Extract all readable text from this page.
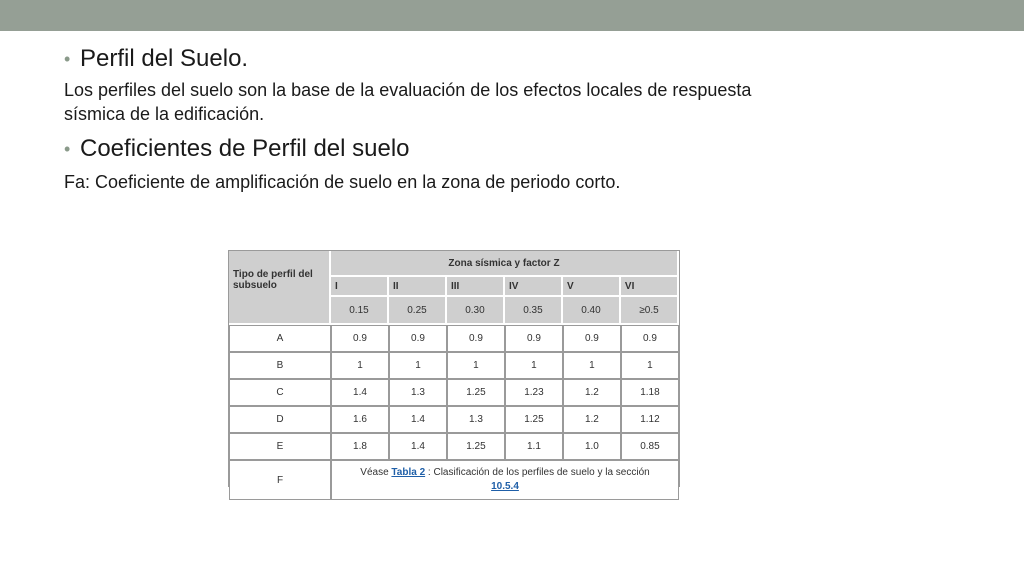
• Perfil del Suelo.

Los perfiles del suelo son la base de la evaluación de los efectos locales de respuesta sísmica de la edificación.

• Coeficientes de Perfil del suelo

Fa: Coeficiente de amplificación de suelo en la zona de periodo corto.

Tipo de perfil del subsuelo	Zona sísmica y factor Z					
	I	II	III	IV	V	VI
	0.15	0.25	0.30	0.35	0.40	≥0.5
A	0.9	0.9	0.9	0.9	0.9	0.9
B	1	1	1	1	1	1
C	1.4	1.3	1.25	1.23	1.2	1.18
D	1.6	1.4	1.3	1.25	1.2	1.12
E	1.8	1.4	1.25	1.1	1.0	0.85
F	Véase Tabla 2 : Clasificación de los perfiles de suelo y la sección
10.5.4					
